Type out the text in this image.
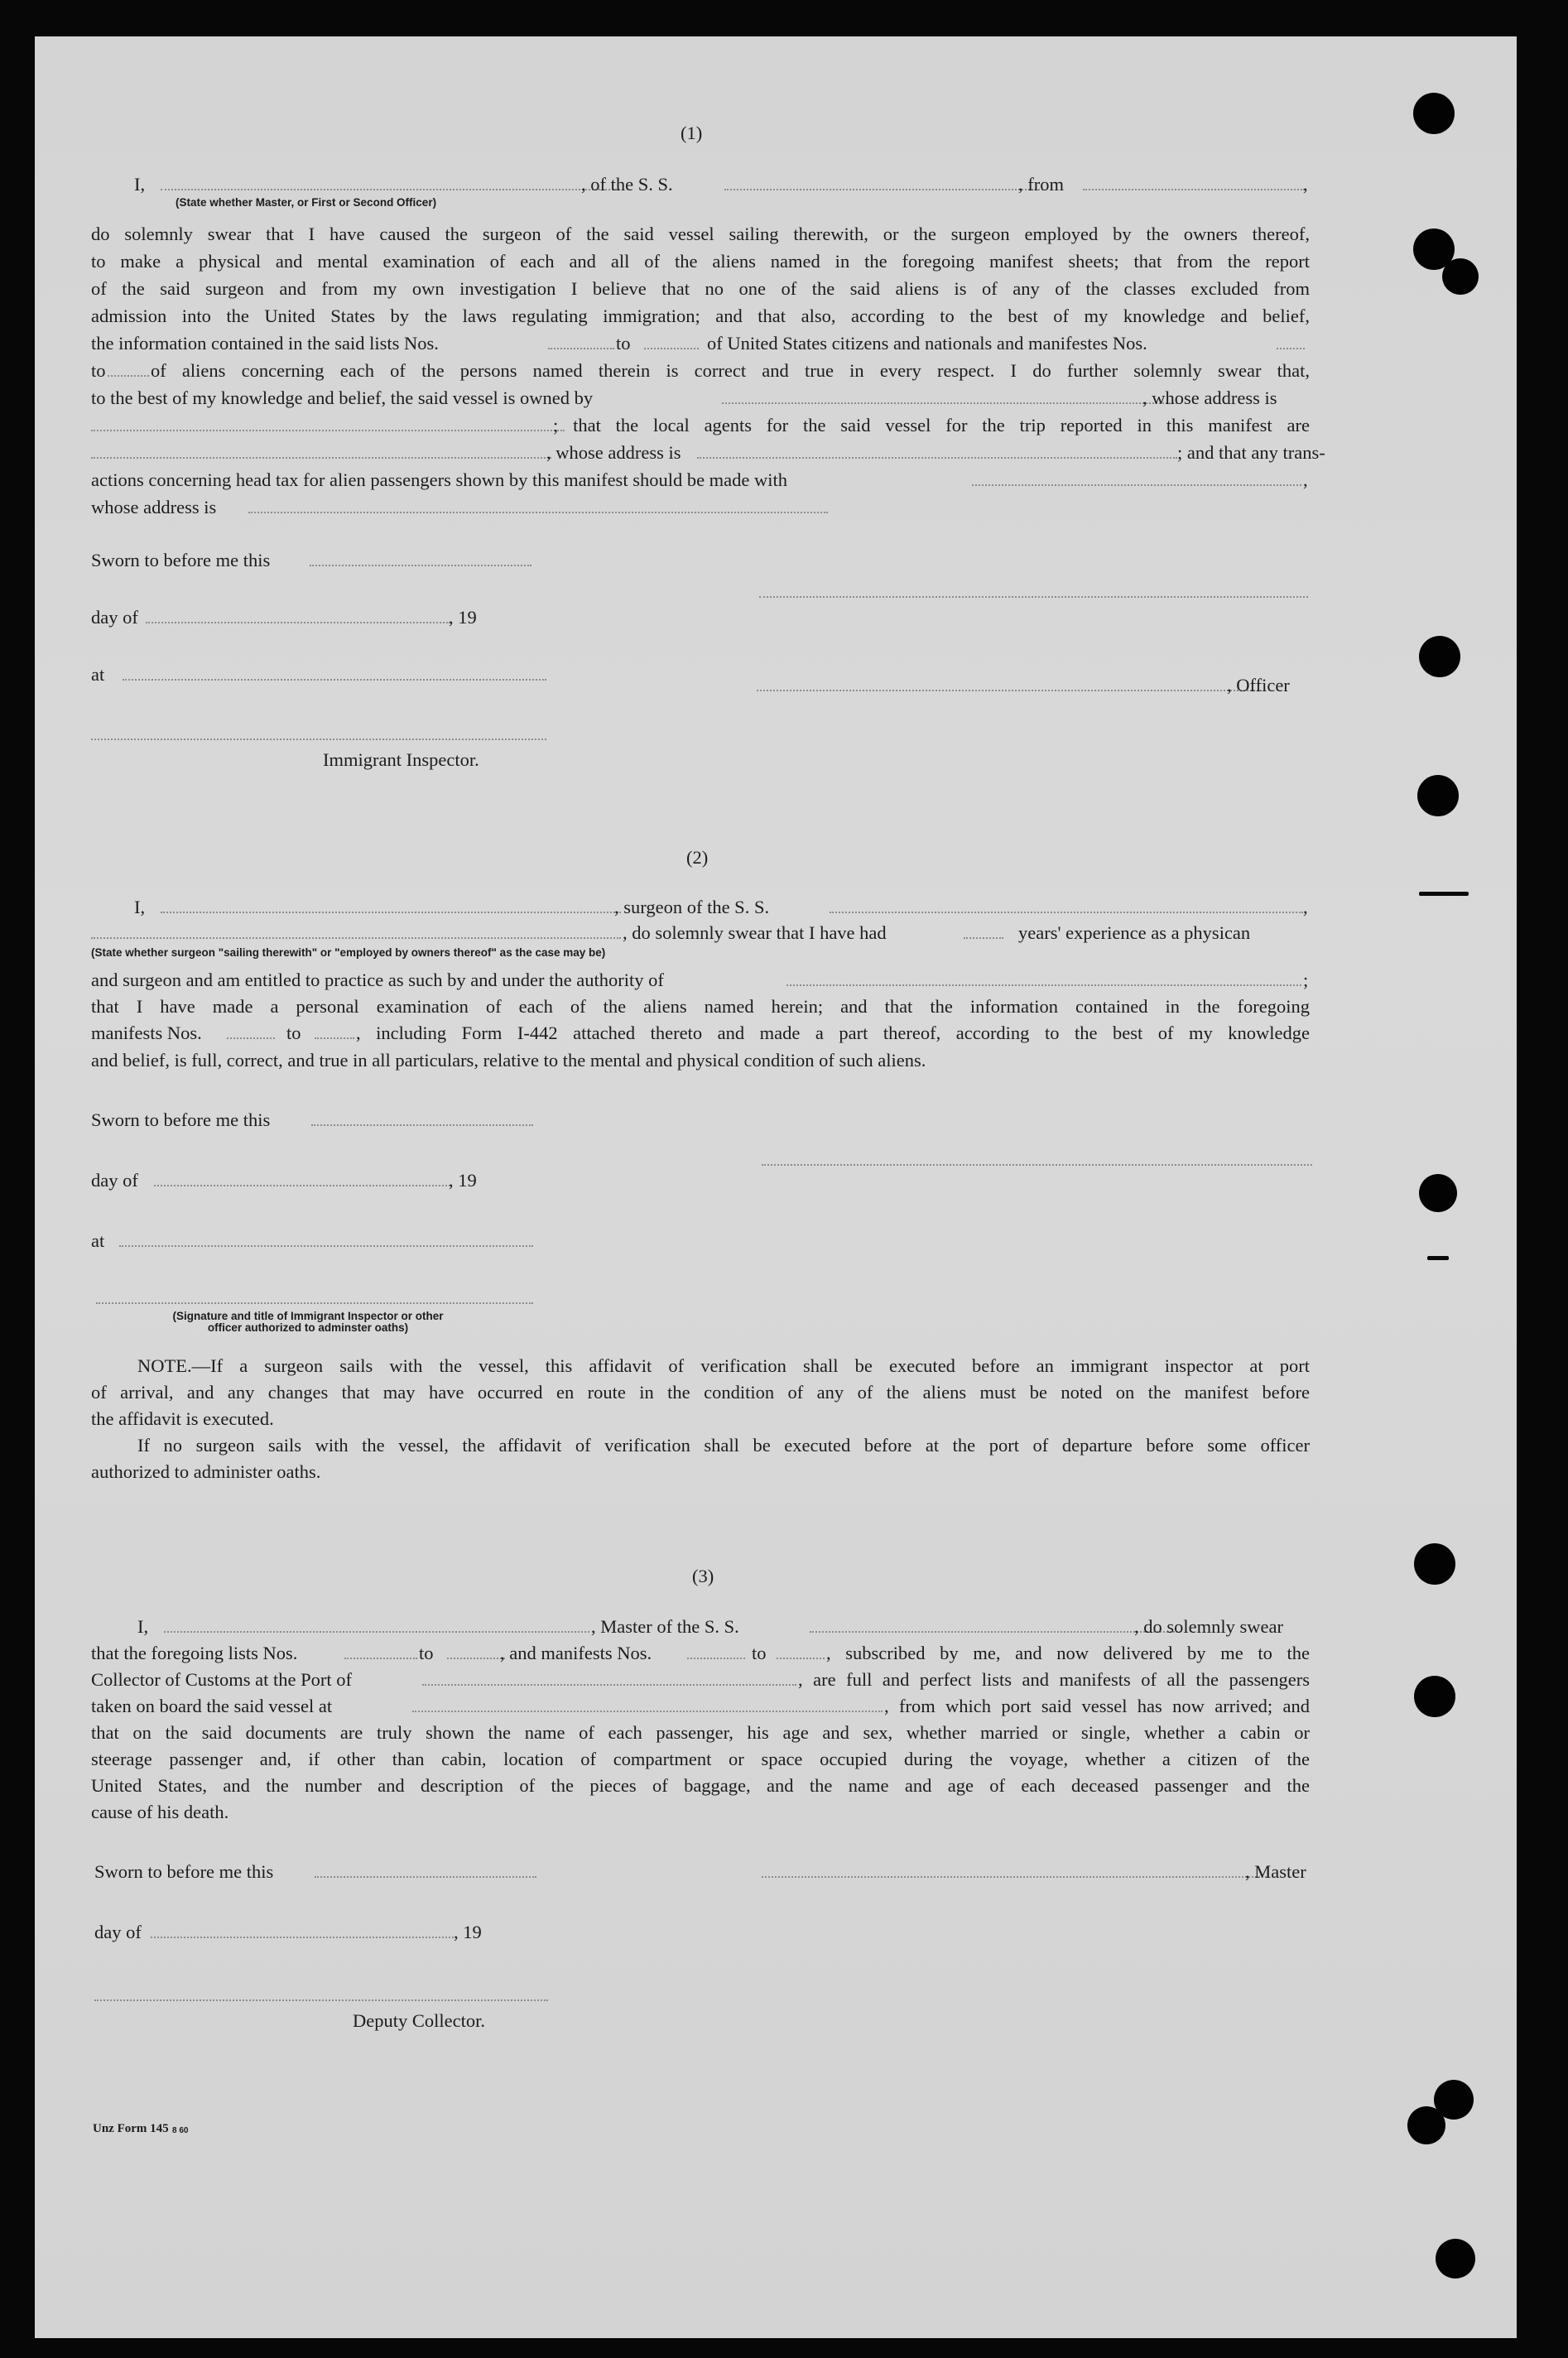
(1)
I,	, of the S. S.	, from	,
(State whether Master, or First or Second Officer)
do solemnly swear that I have caused the surgeon of the said vessel sailing therewith, or the surgeon employed by the owners thereof,
to make a physical and mental examination of each and all of the aliens named in the foregoing manifest sheets; that from the report
of the said surgeon and from my own investigation I believe that no one of the said aliens is of any of the classes excluded from
admission into the United States by the laws regulating immigration; and that also, according to the best of my knowledge and belief,
the information contained in the said lists Nos.	to	of United States citizens and nationals and manifestes Nos.
to of aliens concerning each of the persons named therein is correct and true in every respect. I do further solemnly swear that,
to the best of my knowledge and belief, the said vessel is owned by	, whose address is
; that the local agents for the said vessel for the trip reported in this manifest are
, whose address is	; and that any trans-
actions concerning head tax for alien passengers shown by this manifest should be made with	,
whose address is
Sworn to before me this
day of	, 19
at
, Officer
Immigrant Inspector.
(2)
I,	, surgeon of the S. S.	,
, do solemnly swear that I have had	years' experience as a physican
(State whether surgeon "sailing therewith" or "employed by owners thereof" as the case may be)
and surgeon and am entitled to practice as such by and under the authority of	;
that I have made a personal examination of each of the aliens named herein; and that the information contained in the foregoing
manifests Nos.	to	, including Form I-442 attached thereto and made a part thereof, according to the best of my knowledge
and belief, is full, correct, and true in all particulars, relative to the mental and physical condition of such aliens.
Sworn to before me this
day of	, 19
at
(Signature and title of Immigrant Inspector or other
officer authorized to adminster oaths)
NOTE.—If a surgeon sails with the vessel, this affidavit of verification shall be executed before an immigrant inspector at port
of arrival, and any changes that may have occurred en route in the condition of any of the aliens must be noted on the manifest before
the affidavit is executed.
If no surgeon sails with the vessel, the affidavit of verification shall be executed before at the port of departure before some officer
authorized to administer oaths.
(3)
I,	, Master of the S. S.	, do solemnly swear
that the foregoing lists Nos.	to	, and manifests Nos.	to	, subscribed by me, and now delivered by me to the
Collector of Customs at the Port of	, are full and perfect lists and manifests of all the passengers
taken on board the said vessel at	, from which port said vessel has now arrived; and
that on the said documents are truly shown the name of each passenger, his age and sex, whether married or single, whether a cabin or
steerage passenger and, if other than cabin, location of compartment or space occupied during the voyage, whether a citizen of the
United States, and the number and description of the pieces of baggage, and the name and age of each deceased passenger and the
cause of his death.
Sworn to before me this	, Master
day of	, 19
Deputy Collector.
Unz Form 145 8 60
